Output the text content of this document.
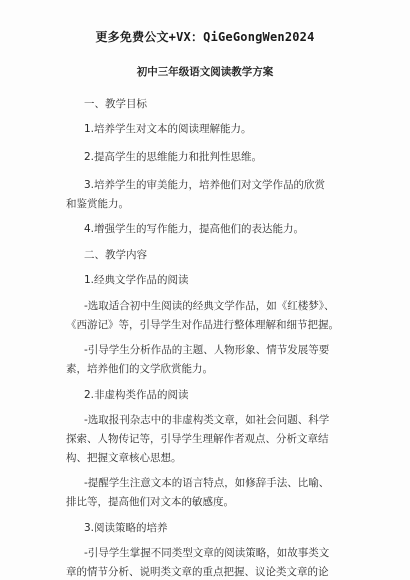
更多免费公文+VX：QiGeGongWen2024
初中三年级语文阅读教学方案
一、教学目标
1.培养学生对文本的阅读理解能力。
2.提高学生的思维能力和批判性思维。
3.培养学生的审美能力，培养他们对文学作品的欣赏
和鉴赏能力。
4.增强学生的写作能力，提高他们的表达能力。
二、教学内容
1.经典文学作品的阅读
-选取适合初中生阅读的经典文学作品，如《红楼梦》、
《西游记》等，引导学生对作品进行整体理解和细节把握。
-引导学生分析作品的主题、人物形象、情节发展等要
素，培养他们的文学欣赏能力。
2.非虚构类作品的阅读
-选取报刊杂志中的非虚构类文章，如社会问题、科学
探索、人物传记等，引导学生理解作者观点、分析文章结
构、把握文章核心思想。
-提醒学生注意文本的语言特点，如修辞手法、比喻、
排比等，提高他们对文本的敏感度。
3.阅读策略的培养
-引导学生掌握不同类型文章的阅读策略，如故事类文
章的情节分析、说明类文章的重点把握、议论类文章的论
